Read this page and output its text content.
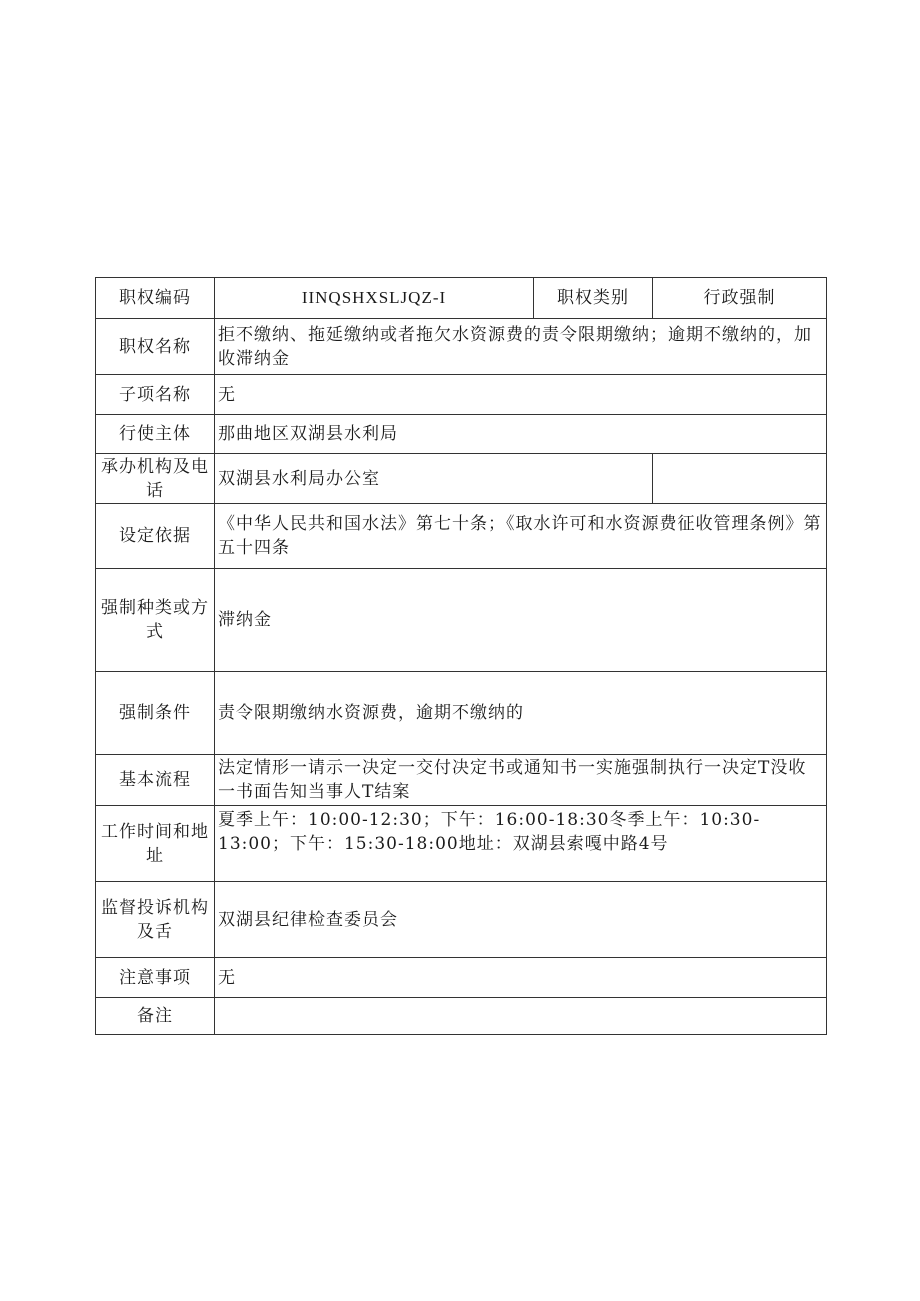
职权编码	IINQSHXSLJQZ-I	职权类别	行政强制
职权名称	拒不缴纳、拖延缴纳或者拖欠水资源费的责令限期缴纳；逾期不缴纳的，加收滞纳金		
子项名称	无		
行使主体	那曲地区双湖县水利局		
承办机构及电话	双湖县水利局办公室		
设定依据	《中华人民共和国水法》第七十条；《取水许可和水资源费征收管理条例》第五十四条		
强制种类或方式	滞纳金		
强制条件	责令限期缴纳水资源费，逾期不缴纳的		
基本流程	法定情形一请示一决定一交付决定书或通知书一实施强制执行一决定T没收一书面告知当事人T结案		
工作时间和地址	夏季上午：10:00-12:30；下午：16:00-18:30冬季上午：10:30-13:00；下午：15:30-18:00地址：双湖县索嘎中路4号		
监督投诉机构及舌	双湖县纪律检查委员会		
注意事项	无		
备注			
